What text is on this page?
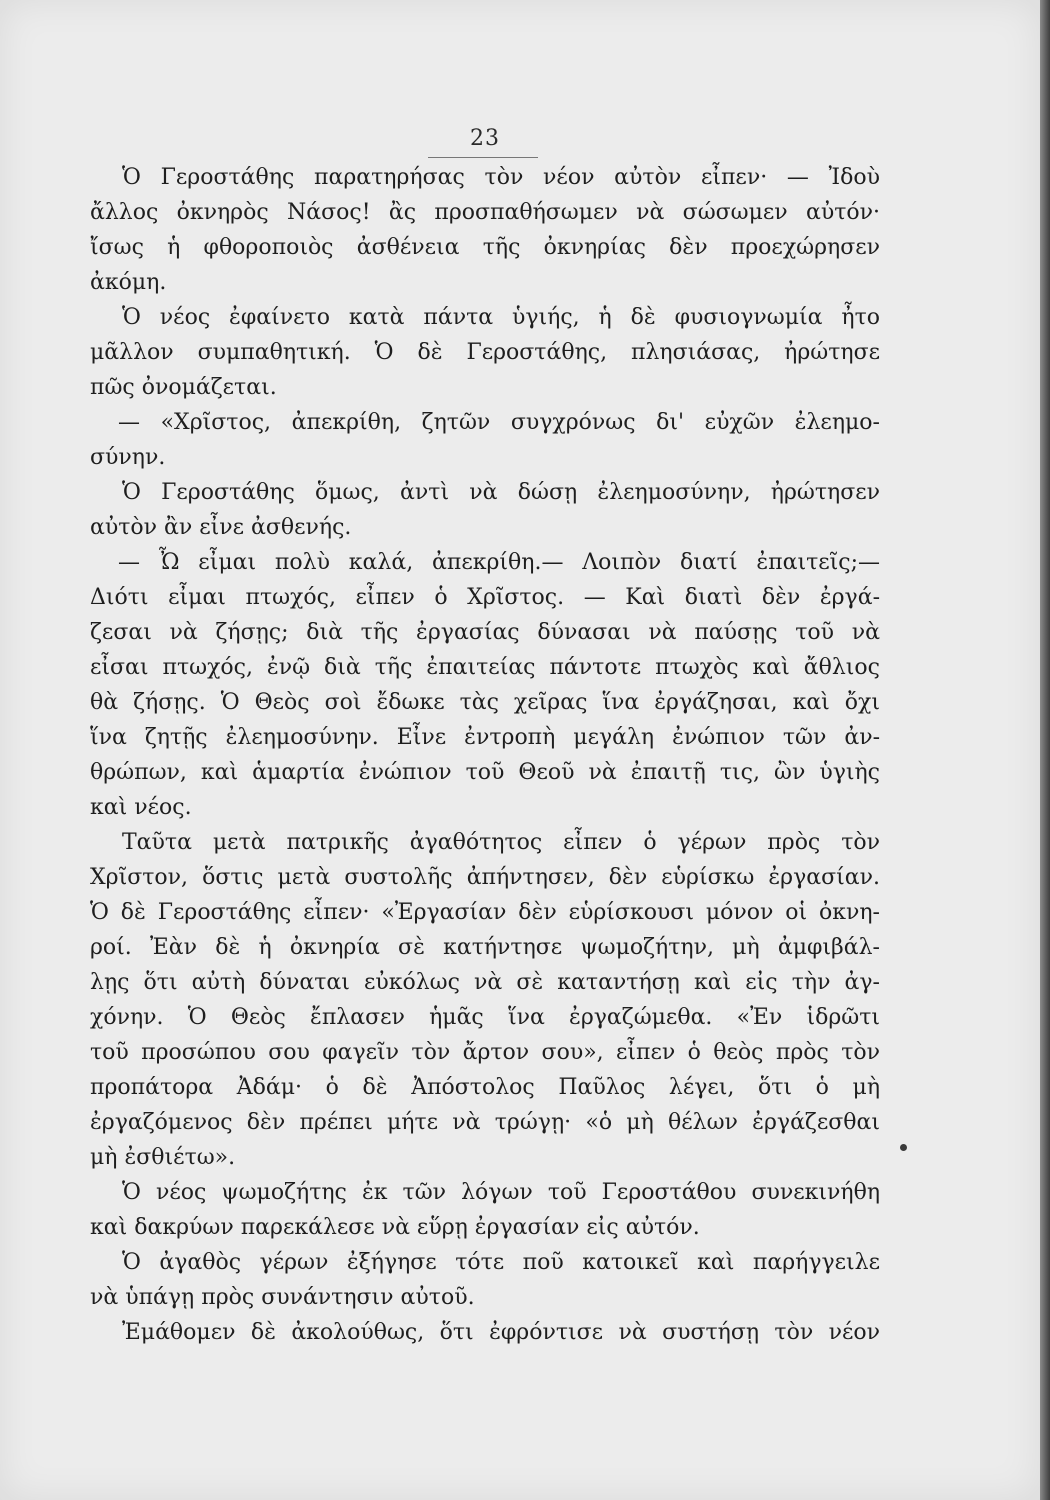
23
Ὁ Γεροστάθης παρατηρήσας τὸν νέον αὐτὸν εἶπεν· — Ἰδοὺ
ἄλλος ὀκνηρὸς Νάσος! ἂς προσπαθήσωμεν νὰ σώσωμεν αὐτόν·
ἴσως ἡ φθοροποιὸς ἀσθένεια τῆς ὀκνηρίας δὲν προεχώρησεν
ἀκόμη.
Ὁ νέος ἐφαίνετο κατὰ πάντα ὑγιής, ἡ δὲ φυσιογνωμία ἦτο
μᾶλλον συμπαθητική. Ὁ δὲ Γεροστάθης, πλησιάσας, ἠρώτησε
πῶς ὀνομάζεται.
— «Χρῖστος, ἀπεκρίθη, ζητῶν συγχρόνως δι' εὐχῶν ἐλεημο-
σύνην.
Ὁ Γεροστάθης ὅμως, ἀντὶ νὰ δώσῃ ἐλεημοσύνην, ἠρώτησεν
αὐτὸν ἂν εἶνε ἀσθενής.
— Ὦ εἶμαι πολὺ καλά, ἀπεκρίθη.— Λοιπὸν διατί ἐπαιτεῖς;—
Διότι εἶμαι πτωχός, εἶπεν ὁ Χρῖστος. — Καὶ διατὶ δὲν ἐργά-
ζεσαι νὰ ζήσῃς; διὰ τῆς ἐργασίας δύνασαι νὰ παύσῃς τοῦ νὰ
εἶσαι πτωχός, ἐνῷ διὰ τῆς ἐπαιτείας πάντοτε πτωχὸς καὶ ἄθλιος
θὰ ζήσῃς. Ὁ Θεὸς σοὶ ἔδωκε τὰς χεῖρας ἵνα ἐργάζησαι, καὶ ὄχι
ἵνα ζητῇς ἐλεημοσύνην. Εἶνε ἐντροπὴ μεγάλη ἐνώπιον τῶν ἀν-
θρώπων, καὶ ἁμαρτία ἐνώπιον τοῦ Θεοῦ νὰ ἐπαιτῇ τις, ὢν ὑγιὴς
καὶ νέος.
Ταῦτα μετὰ πατρικῆς ἀγαθότητος εἶπεν ὁ γέρων πρὸς τὸν
Χρῖστον, ὅστις μετὰ συστολῆς ἀπήντησεν, δὲν εὑρίσκω ἐργασίαν.
Ὁ δὲ Γεροστάθης εἶπεν· «Ἐργασίαν δὲν εὑρίσκουσι μόνον οἱ ὀκνη-
ροί. Ἐὰν δὲ ἡ ὀκνηρία σὲ κατήντησε ψωμοζήτην, μὴ ἀμφιβάλ-
λῃς ὅτι αὐτὴ δύναται εὐκόλως νὰ σὲ καταντήσῃ καὶ εἰς τὴν ἀγ-
χόνην. Ὁ Θεὸς ἔπλασεν ἡμᾶς ἵνα ἐργαζώμεθα. «Ἐν ἱδρῶτι
τοῦ προσώπου σου φαγεῖν τὸν ἄρτον σου», εἶπεν ὁ θεὸς πρὸς τὸν
προπάτορα Ἀδάμ· ὁ δὲ Ἀπόστολος Παῦλος λέγει, ὅτι ὁ μὴ
ἐργαζόμενος δὲν πρέπει μήτε νὰ τρώγῃ· «ὁ μὴ θέλων ἐργάζεσθαι
μὴ ἐσθιέτω».
Ὁ νέος ψωμοζήτης ἐκ τῶν λόγων τοῦ Γεροστάθου συνεκινήθη
καὶ δακρύων παρεκάλεσε νὰ εὕρῃ ἐργασίαν εἰς αὐτόν.
Ὁ ἀγαθὸς γέρων ἐξήγησε τότε ποῦ κατοικεῖ καὶ παρήγγειλε
νὰ ὑπάγῃ πρὸς συνάντησιν αὐτοῦ.
Ἐμάθομεν δὲ ἀκολούθως, ὅτι ἐφρόντισε νὰ συστήσῃ τὸν νέον
